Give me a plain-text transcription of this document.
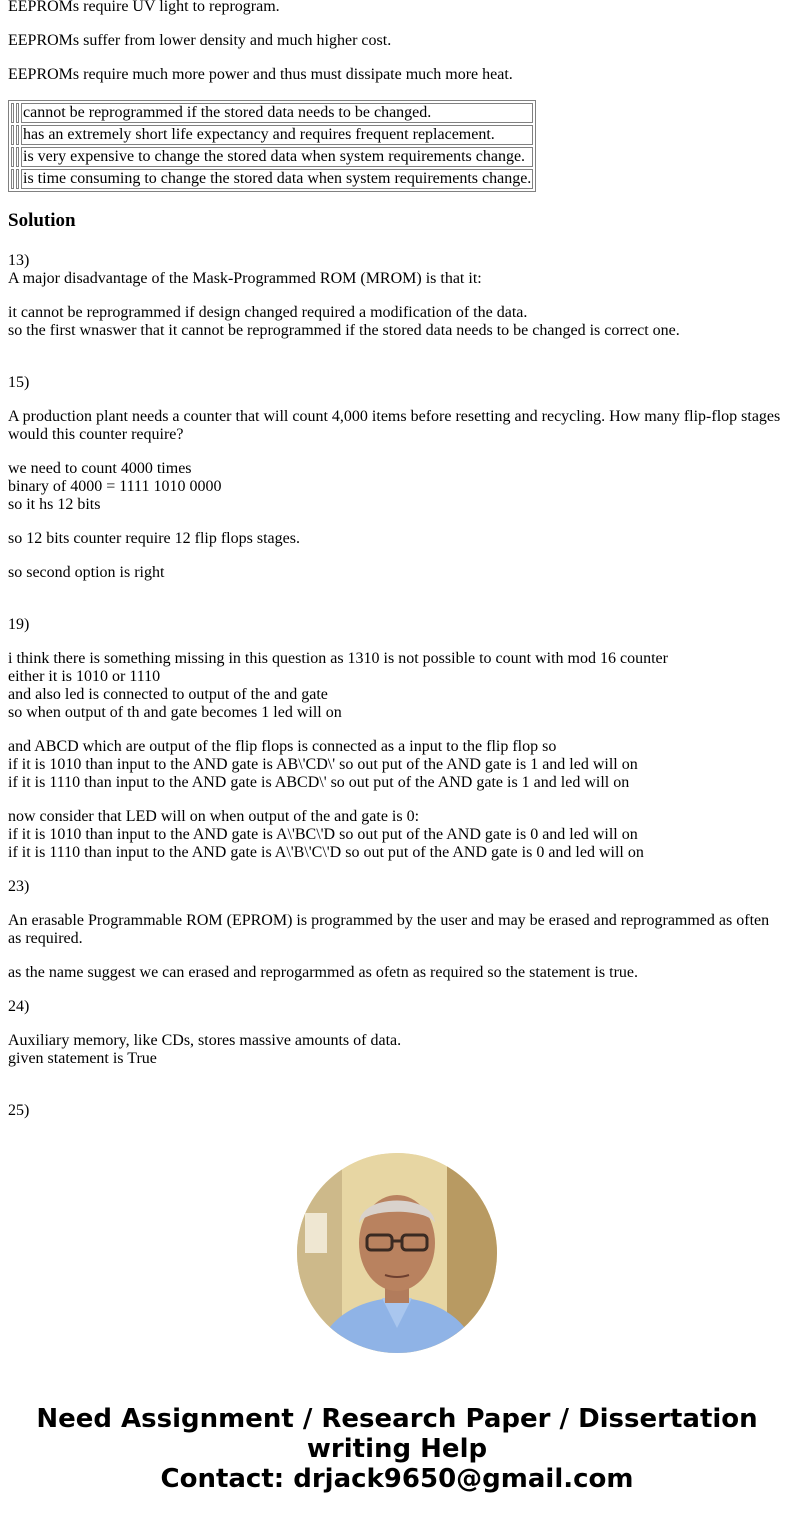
EEPROMs require UV light to reprogram.

EEPROMs suffer from lower density and much higher cost.

EEPROMs require much more power and thus must dissipate much more heat.

		cannot be reprogrammed if the stored data needs to be changed.
		has an extremely short life expectancy and requires frequent replacement.
		is very expensive to change the stored data when system requirements change.
		is time consuming to change the stored data when system requirements change.
Solution

13)

A major disadvantage of the Mask-Programmed ROM (MROM) is that it:

it cannot be reprogrammed if design changed required a modification of the data.

so the first wnaswer that it cannot be reprogrammed if the stored data needs to be changed is correct one.

15)

A production plant needs a counter that will count 4,000 items before resetting and recycling. How many flip-flop stages would this counter require?

we need to count 4000 times

binary of 4000 = 1111 1010 0000

so it hs 12 bits

so 12 bits counter require 12 flip flops stages.

so second option is right

19)

i think there is something missing in this question as 1310 is not possible to count with mod 16 counter

either it is 1010 or 1110

and also led is connected to output of the and gate

so when output of th and gate becomes 1 led will on

and ABCD which are output of the flip flops is connected as a input to the flip flop so

if it is 1010 than input to the AND gate is AB\'CD\' so out put of the AND gate is 1 and led will on

if it is 1110 than input to the AND gate is ABCD\' so out put of the AND gate is 1 and led will on

now consider that LED will on when output of the and gate is 0:

if it is 1010 than input to the AND gate is A\'BC\'D so out put of the AND gate is 0 and led will on

if it is 1110 than input to the AND gate is A\'B\'C\'D so out put of the AND gate is 0 and led will on

23)

An erasable Programmable ROM (EPROM) is programmed by the user and may be erased and reprogrammed as often as required.

as the name suggest we can erased and reprogarmmed as ofetn as required so the statement is true.

24)

Auxiliary memory, like CDs, stores massive amounts of data.

given statement is True

25)

Need Assignment / Research Paper / Dissertation
writing Help
Contact: drjack9650@gmail.com
